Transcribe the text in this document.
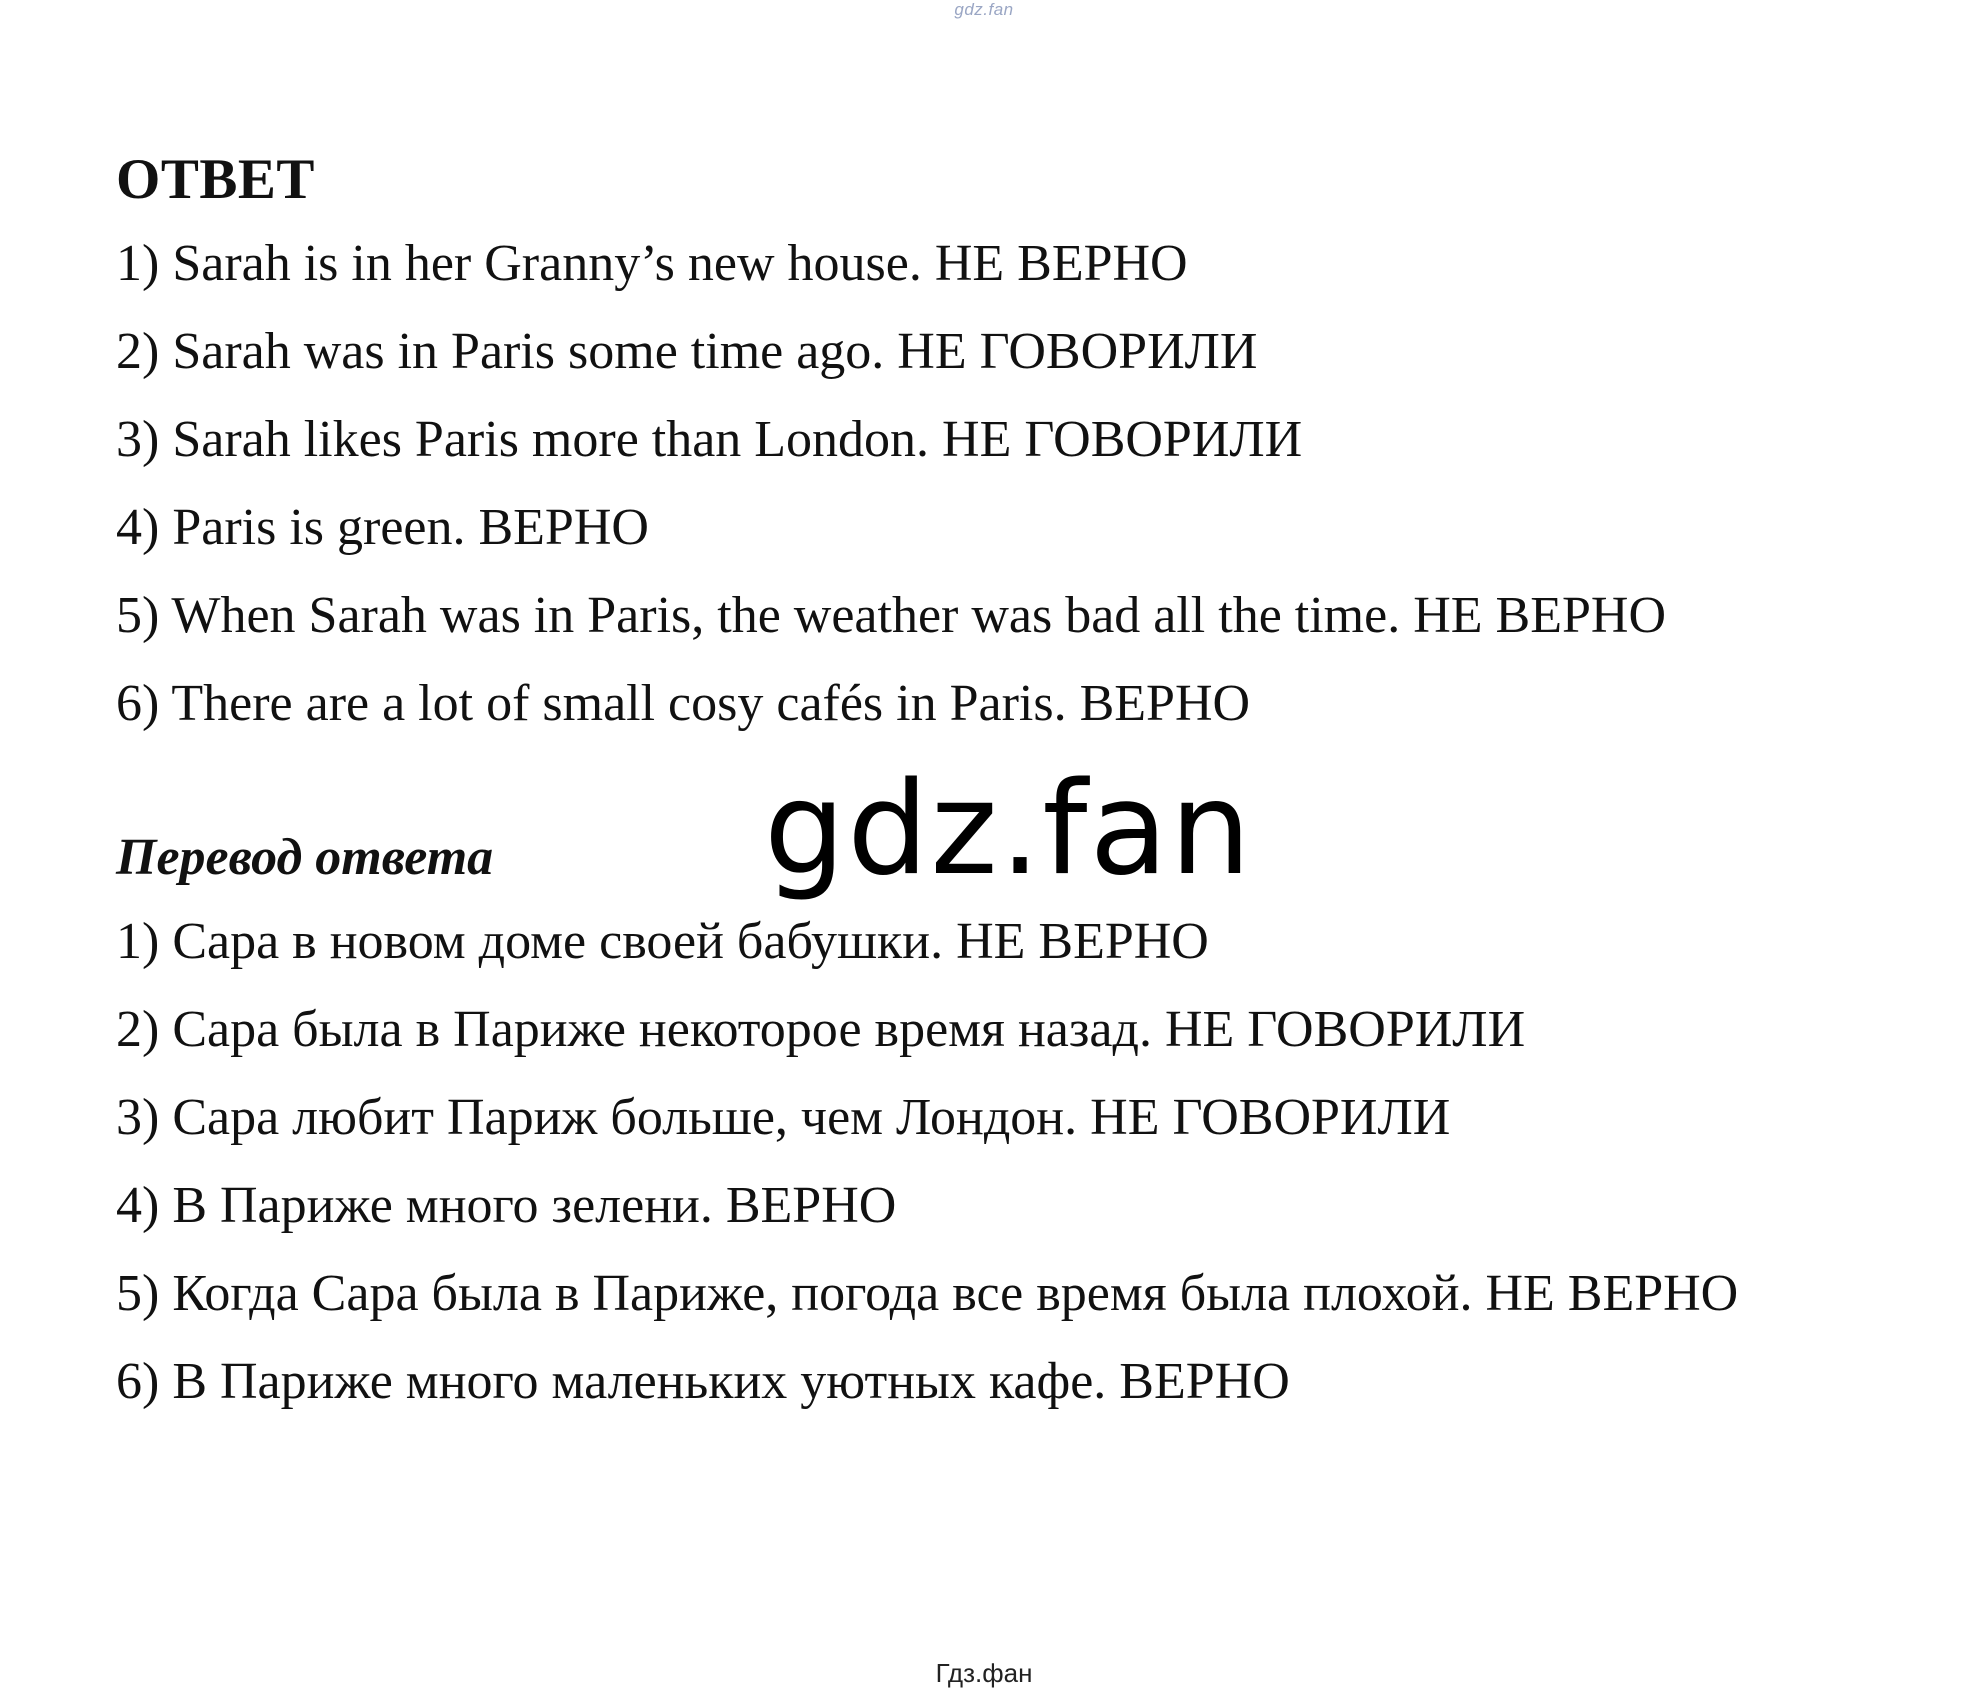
gdz.fan
ОТВЕТ
1) Sarah is in her Granny’s new house. НЕ ВЕРНО
2) Sarah was in Paris some time ago. НЕ ГОВОРИЛИ
3) Sarah likes Paris more than London. НЕ ГОВОРИЛИ
4) Paris is green. ВЕРНО
5) When Sarah was in Paris, the weather was bad all the time. НЕ ВЕРНО
6) There are a lot of small cosy cafés in Paris. ВЕРНО
Перевод ответа
1) Сара в новом доме своей бабушки. НЕ ВЕРНО
2) Сара была в Париже некоторое время назад. НЕ ГОВОРИЛИ
3) Сара любит Париж больше, чем Лондон. НЕ ГОВОРИЛИ
4) В Париже много зелени. ВЕРНО
5) Когда Сара была в Париже, погода все время была плохой. НЕ ВЕРНО
6) В Париже много маленьких уютных кафе. ВЕРНО
gdz.fan
Гдз.фан
